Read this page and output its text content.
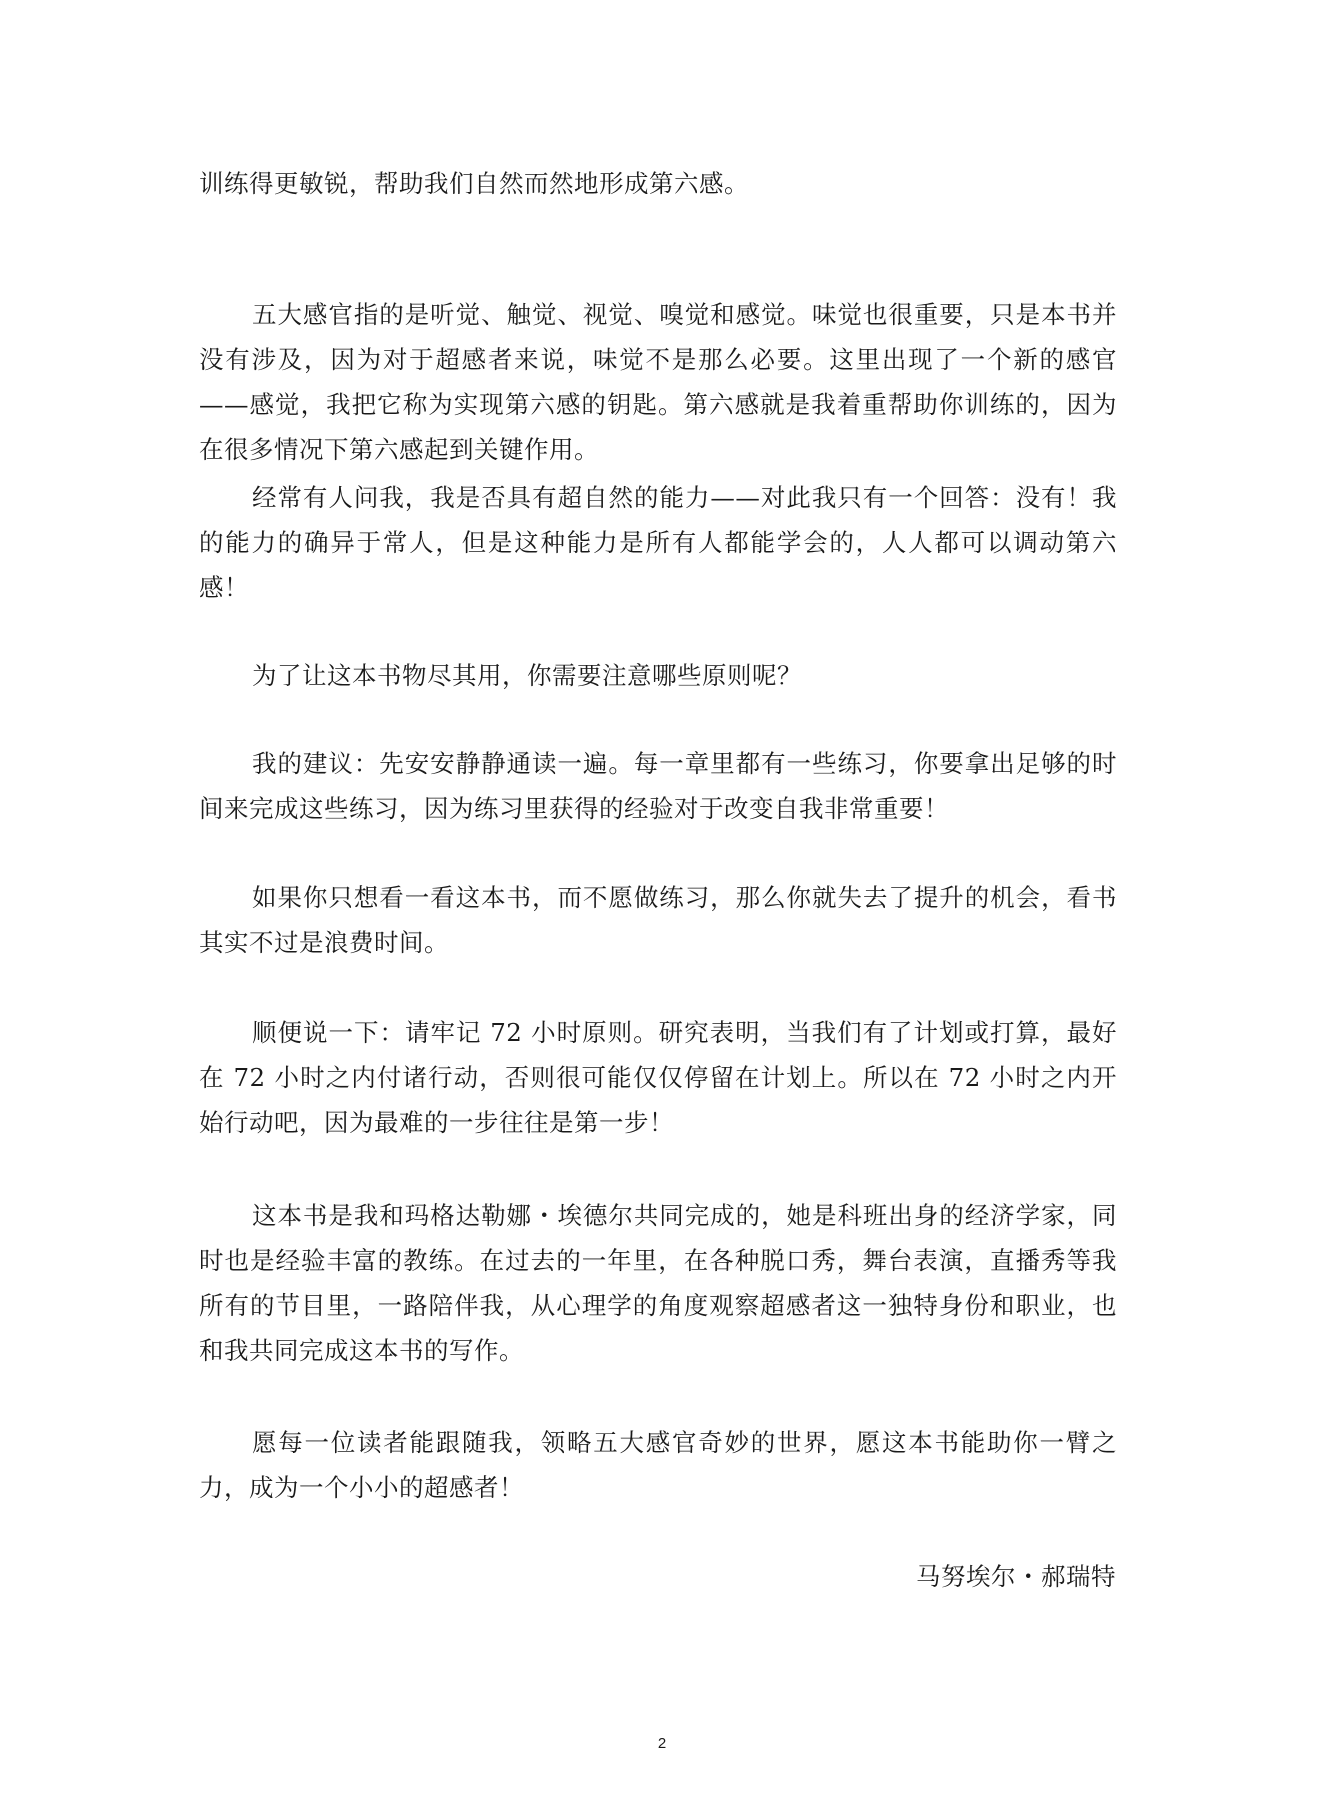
训练得更敏锐，帮助我们自然而然地形成第六感。

五大感官指的是听觉、触觉、视觉、嗅觉和感觉。味觉也很重要，只是本书并没有涉及，因为对于超感者来说，味觉不是那么必要。这里出现了一个新的感官——感觉，我把它称为实现第六感的钥匙。第六感就是我着重帮助你训练的，因为在很多情况下第六感起到关键作用。

经常有人问我，我是否具有超自然的能力——对此我只有一个回答：没有！我的能力的确异于常人，但是这种能力是所有人都能学会的，人人都可以调动第六感！

为了让这本书物尽其用，你需要注意哪些原则呢？

我的建议：先安安静静通读一遍。每一章里都有一些练习，你要拿出足够的时间来完成这些练习，因为练习里获得的经验对于改变自我非常重要！

如果你只想看一看这本书，而不愿做练习，那么你就失去了提升的机会，看书其实不过是浪费时间。

顺便说一下：请牢记 72 小时原则。研究表明，当我们有了计划或打算，最好在 72 小时之内付诸行动，否则很可能仅仅停留在计划上。所以在 72 小时之内开始行动吧，因为最难的一步往往是第一步！

这本书是我和玛格达勒娜・埃德尔共同完成的，她是科班出身的经济学家，同时也是经验丰富的教练。在过去的一年里，在各种脱口秀，舞台表演，直播秀等我所有的节目里，一路陪伴我，从心理学的角度观察超感者这一独特身份和职业，也和我共同完成这本书的写作。

愿每一位读者能跟随我，领略五大感官奇妙的世界，愿这本书能助你一臂之力，成为一个小小的超感者！

马努埃尔・郝瑞特

2
